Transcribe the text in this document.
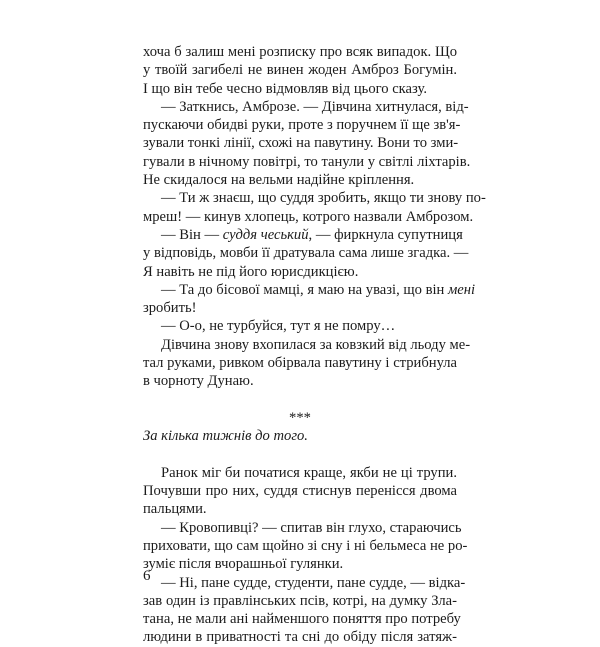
хоча б залиш мені розписку про всяк випадок. Що
у твоїй загибелі не винен жоден Амброз Богумін.
І що він тебе чесно відмовляв від цього сказу.
— Заткнись, Амброзе. — Дівчина хитнулася, від-
пускаючи обидві руки, проте з поручнем її ще зв'я-
зували тонкі лінії, схожі на павутину. Вони то зми-
гували в нічному повітрі, то танули у світлі ліхтарів.
Не скидалося на вельми надійне кріплення.
— Ти ж знаєш, що суддя зробить, якщо ти знову по-
мреш! — кинув хлопець, котрого назвали Амброзом.
— Він — суддя чеський, — фиркнула супутниця
у відповідь, мовби її дратувала сама лише згадка. —
Я навіть не під його юрисдикцією.
— Та до бісової мамці, я маю на увазі, що він мені
зробить!
— О-о, не турбуйся, тут я не помру…
Дівчина знову вхопилася за ковзкий від льоду ме-
тал руками, ривком обірвала павутину і стрибнула
в чорноту Дунаю.
***
За кілька тижнів до того.
Ранок міг би початися краще, якби не ці трупи.
Почувши про них, суддя стиснув перенісся двома
пальцями.
— Кровопивці? — спитав він глухо, стараючись
приховати, що сам щойно зі сну і ні бельмеса не ро-
зуміє після вчорашньої гулянки.
— Ні, пане судде, студенти, пане судде, — відка-
зав один із правлінських псів, котрі, на думку Зла-
тана, не мали ані найменшого поняття про потребу
людини в приватності та сні до обіду після затяж-
6
